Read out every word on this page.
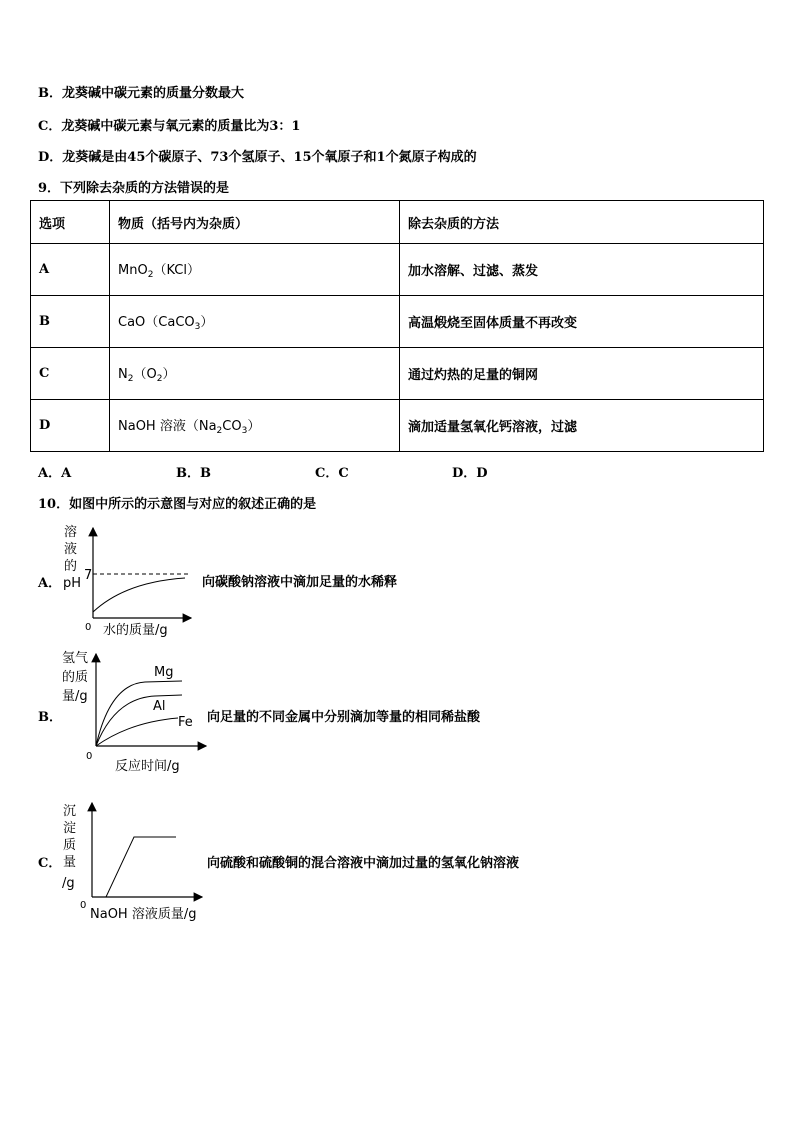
B．龙葵碱中碳元素的质量分数最大
C．龙葵碱中碳元素与氧元素的质量比为3：1
D．龙葵碱是由45个碳原子、73个氢原子、15个氧原子和1个氮原子构成的
9．下列除去杂质的方法错误的是
选项	物质（括号内为杂质）	除去杂质的方法
A	MnO$_2$（KCl）	加水溶解、过滤、蒸发
B	CaO（CaCO$_3$）	高温煅烧至固体质量不再改变
C	$N_2(O_2)$	通过灼热的足量的铜网
D	NaOH 溶液$(Na_2CO_3)$	滴加适量氢氧化钙溶液，过滤
A．A	B．B	C．C	D．D
10．如图中所示的示意图与对应的叙述正确的是
A．
溶
液
的
pH
7
0 水的质量/g
向碳酸钠溶液中滴加足量的水稀释
B．
氢气
的质
量/g
Mg
Al
Fe
0
反应时间/g
向足量的不同金属中分别滴加等量的相同稀盐酸
C．
沉
淀
质
量
/g
0
NaOH 溶液质量/g
向硫酸和硫酸铜的混合溶液中滴加过量的氢氧化钠溶液
